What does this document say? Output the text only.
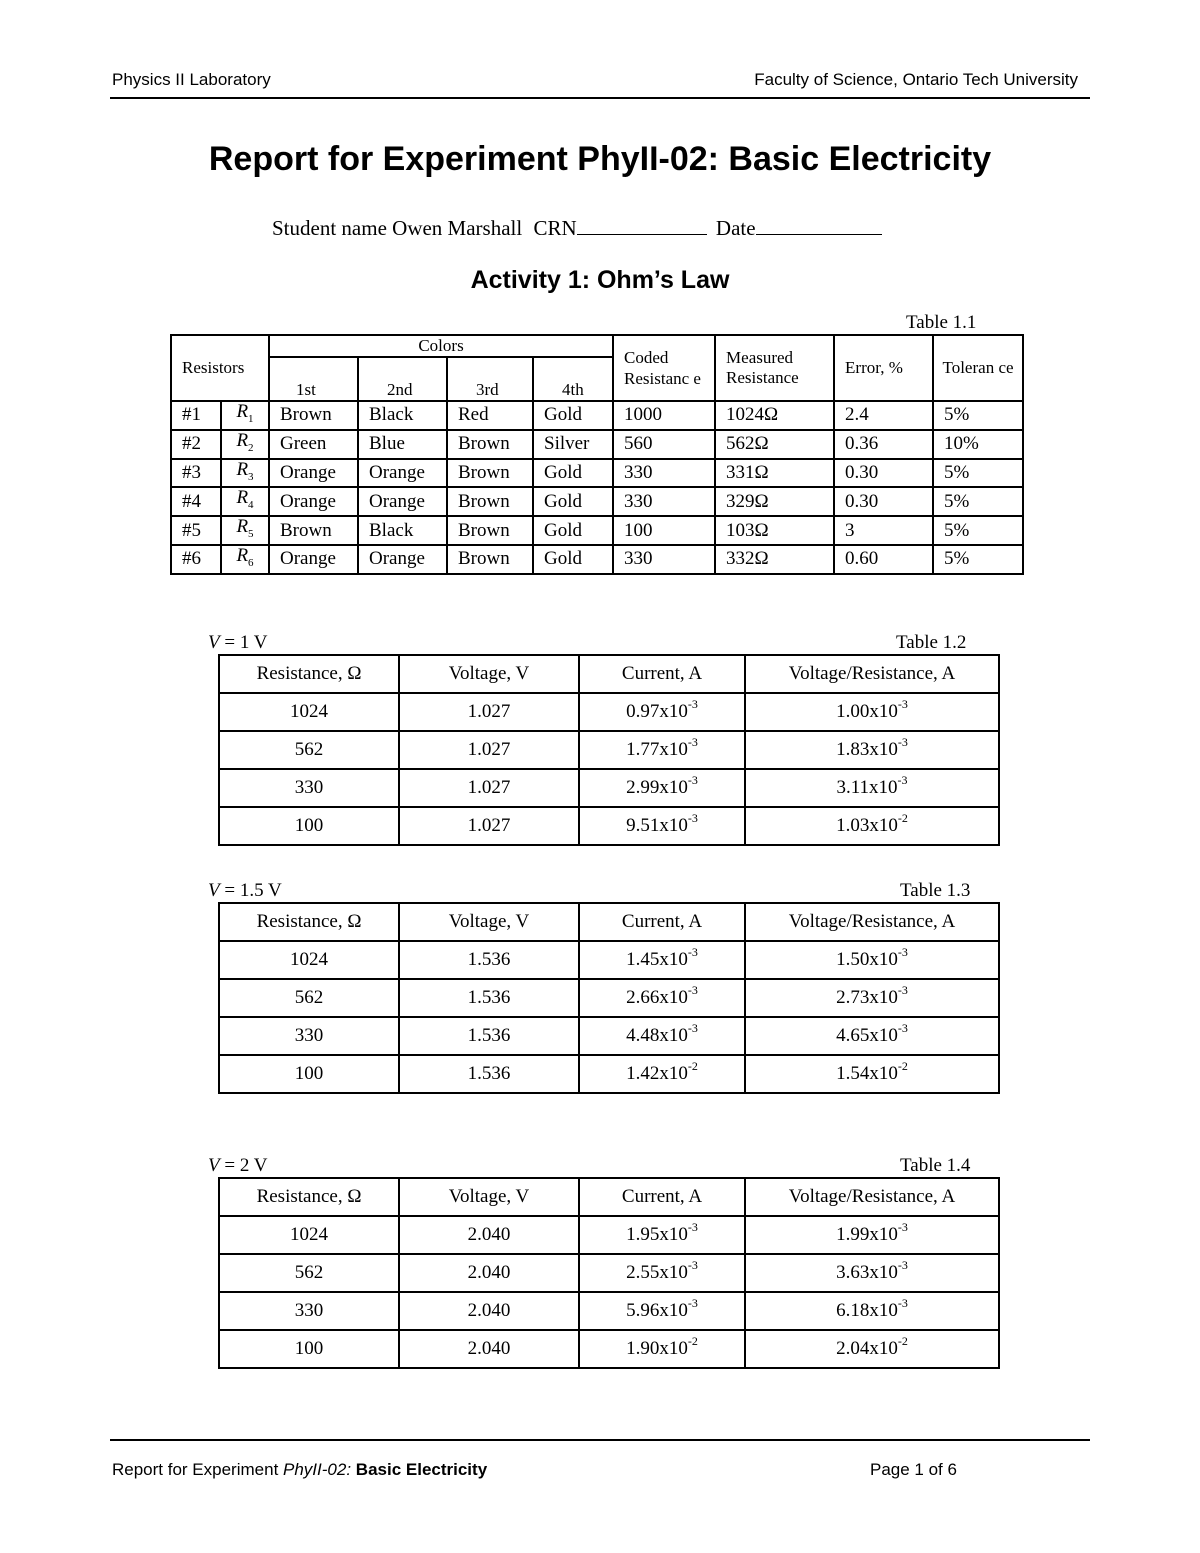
Physics II Laboratory	Faculty of Science, Ontario Tech University
Report for Experiment PhyII-02: Basic Electricity
Student name Owen Marshall CRN	Date
Activity 1: Ohm’s Law
Table 1.1
Resistors		Colors				Coded Resistanc e	Measured Resistance	Error, %	Toleran ce
		1st	2nd	3rd	4th				
#1	$R_1$	Brown	Black	Red	Gold	1000	1024Ω	2.4	5%
#2	$R_2$	Green	Blue	Brown	Silver	560	562Ω	0.36	10%
#3	$R_3$	Orange	Orange	Brown	Gold	330	331Ω	0.30	5%
#4	$R_4$	Orange	Orange	Brown	Gold	330	329Ω	0.30	5%
#5	$R_5$	Brown	Black	Brown	Gold	100	103Ω	3	5%
#6	$R_6$	Orange	Orange	Brown	Gold	330	332Ω	0.60	5%
V = 1 V	Table 1.2
Resistance, Ω	Voltage, V	Current, A	Voltage/Resistance, A
1024	1.027	$0.97x10^{-3}$	$1.00x10^{-3}$
562	1.027	$1.77x10^{-3}$	$1.83x10^{-3}$
330	1.027	$2.99x10^{-3}$	$3.11x10^{-3}$
100	1.027	$9.51x10^{-3}$	$1.03x10^{-2}$
V = 1.5 V	Table 1.3
Resistance, Ω	Voltage, V	Current, A	Voltage/Resistance, A
1024	1.536	$1.45x10^{-3}$	$1.50x10^{-3}$
562	1.536	$2.66x10^{-3}$	$2.73x10^{-3}$
330	1.536	$4.48x10^{-3}$	$4.65x10^{-3}$
100	1.536	$1.42x10^{-2}$	$1.54x10^{-2}$
V = 2 V	Table 1.4
Resistance, Ω	Voltage, V	Current, A	Voltage/Resistance, A
1024	2.040	$1.95x10^{-3}$	$1.99x10^{-3}$
562	2.040	$2.55x10^{-3}$	$3.63x10^{-3}$
330	2.040	$5.96x10^{-3}$	$6.18x10^{-3}$
100	2.040	$1.90x10^{-2}$	$2.04x10^{-2}$
Report for Experiment PhyII-02: Basic Electricity	Page 1 of 6
